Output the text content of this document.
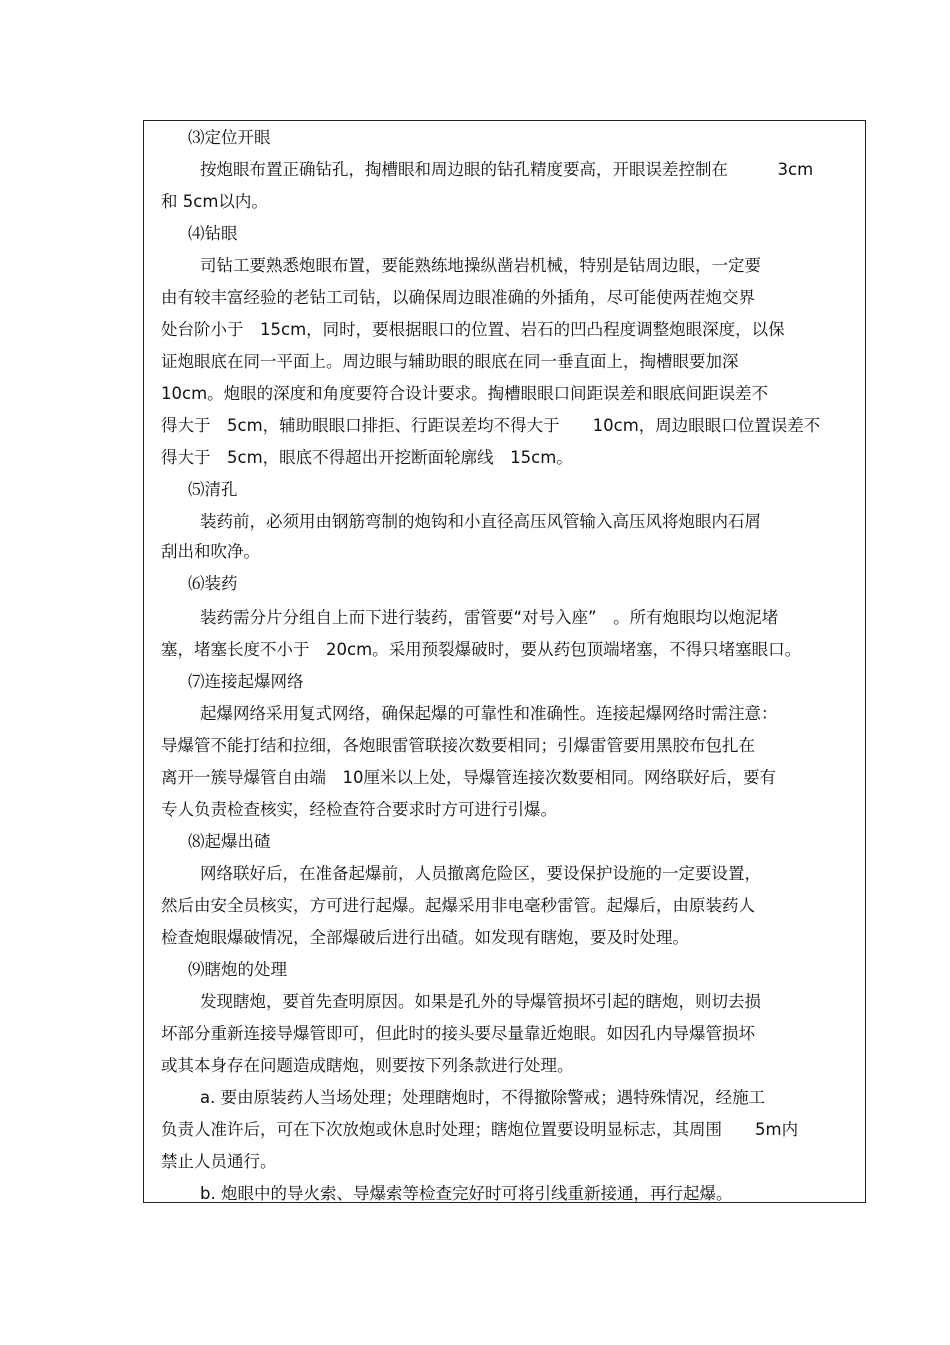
⑶定位开眼
按炮眼布置正确钻孔，掏槽眼和周边眼的钻孔精度要高，开眼误差控制在　　　3cm
和 5cm以内。
⑷钻眼
司钻工要熟悉炮眼布置，要能熟练地操纵凿岩机械，特别是钻周边眼，一定要
由有较丰富经验的老钻工司钻，以确保周边眼准确的外插角，尽可能使两茬炮交界
处台阶小于　15cm，同时，要根据眼口的位置、岩石的凹凸程度调整炮眼深度，以保
证炮眼底在同一平面上。周边眼与辅助眼的眼底在同一垂直面上，掏槽眼要加深
10cm。炮眼的深度和角度要符合设计要求。掏槽眼眼口间距误差和眼底间距误差不
得大于　5cm，辅助眼眼口排拒、行距误差均不得大于　　10cm，周边眼眼口位置误差不
得大于　5cm，眼底不得超出开挖断面轮廓线　15cm。
⑸清孔
装药前，必须用由钢筋弯制的炮钩和小直径高压风管输入高压风将炮眼内石屑
刮出和吹净。
⑹装药
装药需分片分组自上而下进行装药，雷管要“对号入座”　。所有炮眼均以炮泥堵
塞，堵塞长度不小于　20cm。采用预裂爆破时，要从药包顶端堵塞，不得只堵塞眼口。
⑺连接起爆网络
起爆网络采用复式网络，确保起爆的可靠性和准确性。连接起爆网络时需注意：
导爆管不能打结和拉细，各炮眼雷管联接次数要相同；引爆雷管要用黑胶布包扎在
离开一簇导爆管自由端　10厘米以上处，导爆管连接次数要相同。网络联好后，要有
专人负责检查核实，经检查符合要求时方可进行引爆。
⑻起爆出碴
网络联好后，在准备起爆前，人员撤离危险区，要设保护设施的一定要设置，
然后由安全员核实，方可进行起爆。起爆采用非电毫秒雷管。起爆后，由原装药人
检查炮眼爆破情况，全部爆破后进行出碴。如发现有瞎炮，要及时处理。
⑼瞎炮的处理
发现瞎炮，要首先查明原因。如果是孔外的导爆管损坏引起的瞎炮，则切去损
坏部分重新连接导爆管即可，但此时的接头要尽量靠近炮眼。如因孔内导爆管损坏
或其本身存在问题造成瞎炮，则要按下列条款进行处理。
a. 要由原装药人当场处理；处理瞎炮时，不得撤除警戒；遇特殊情况，经施工
负责人准许后，可在下次放炮或休息时处理；瞎炮位置要设明显标志，其周围　　5m内
禁止人员通行。
b. 炮眼中的导火索、导爆索等检查完好时可将引线重新接通，再行起爆。
